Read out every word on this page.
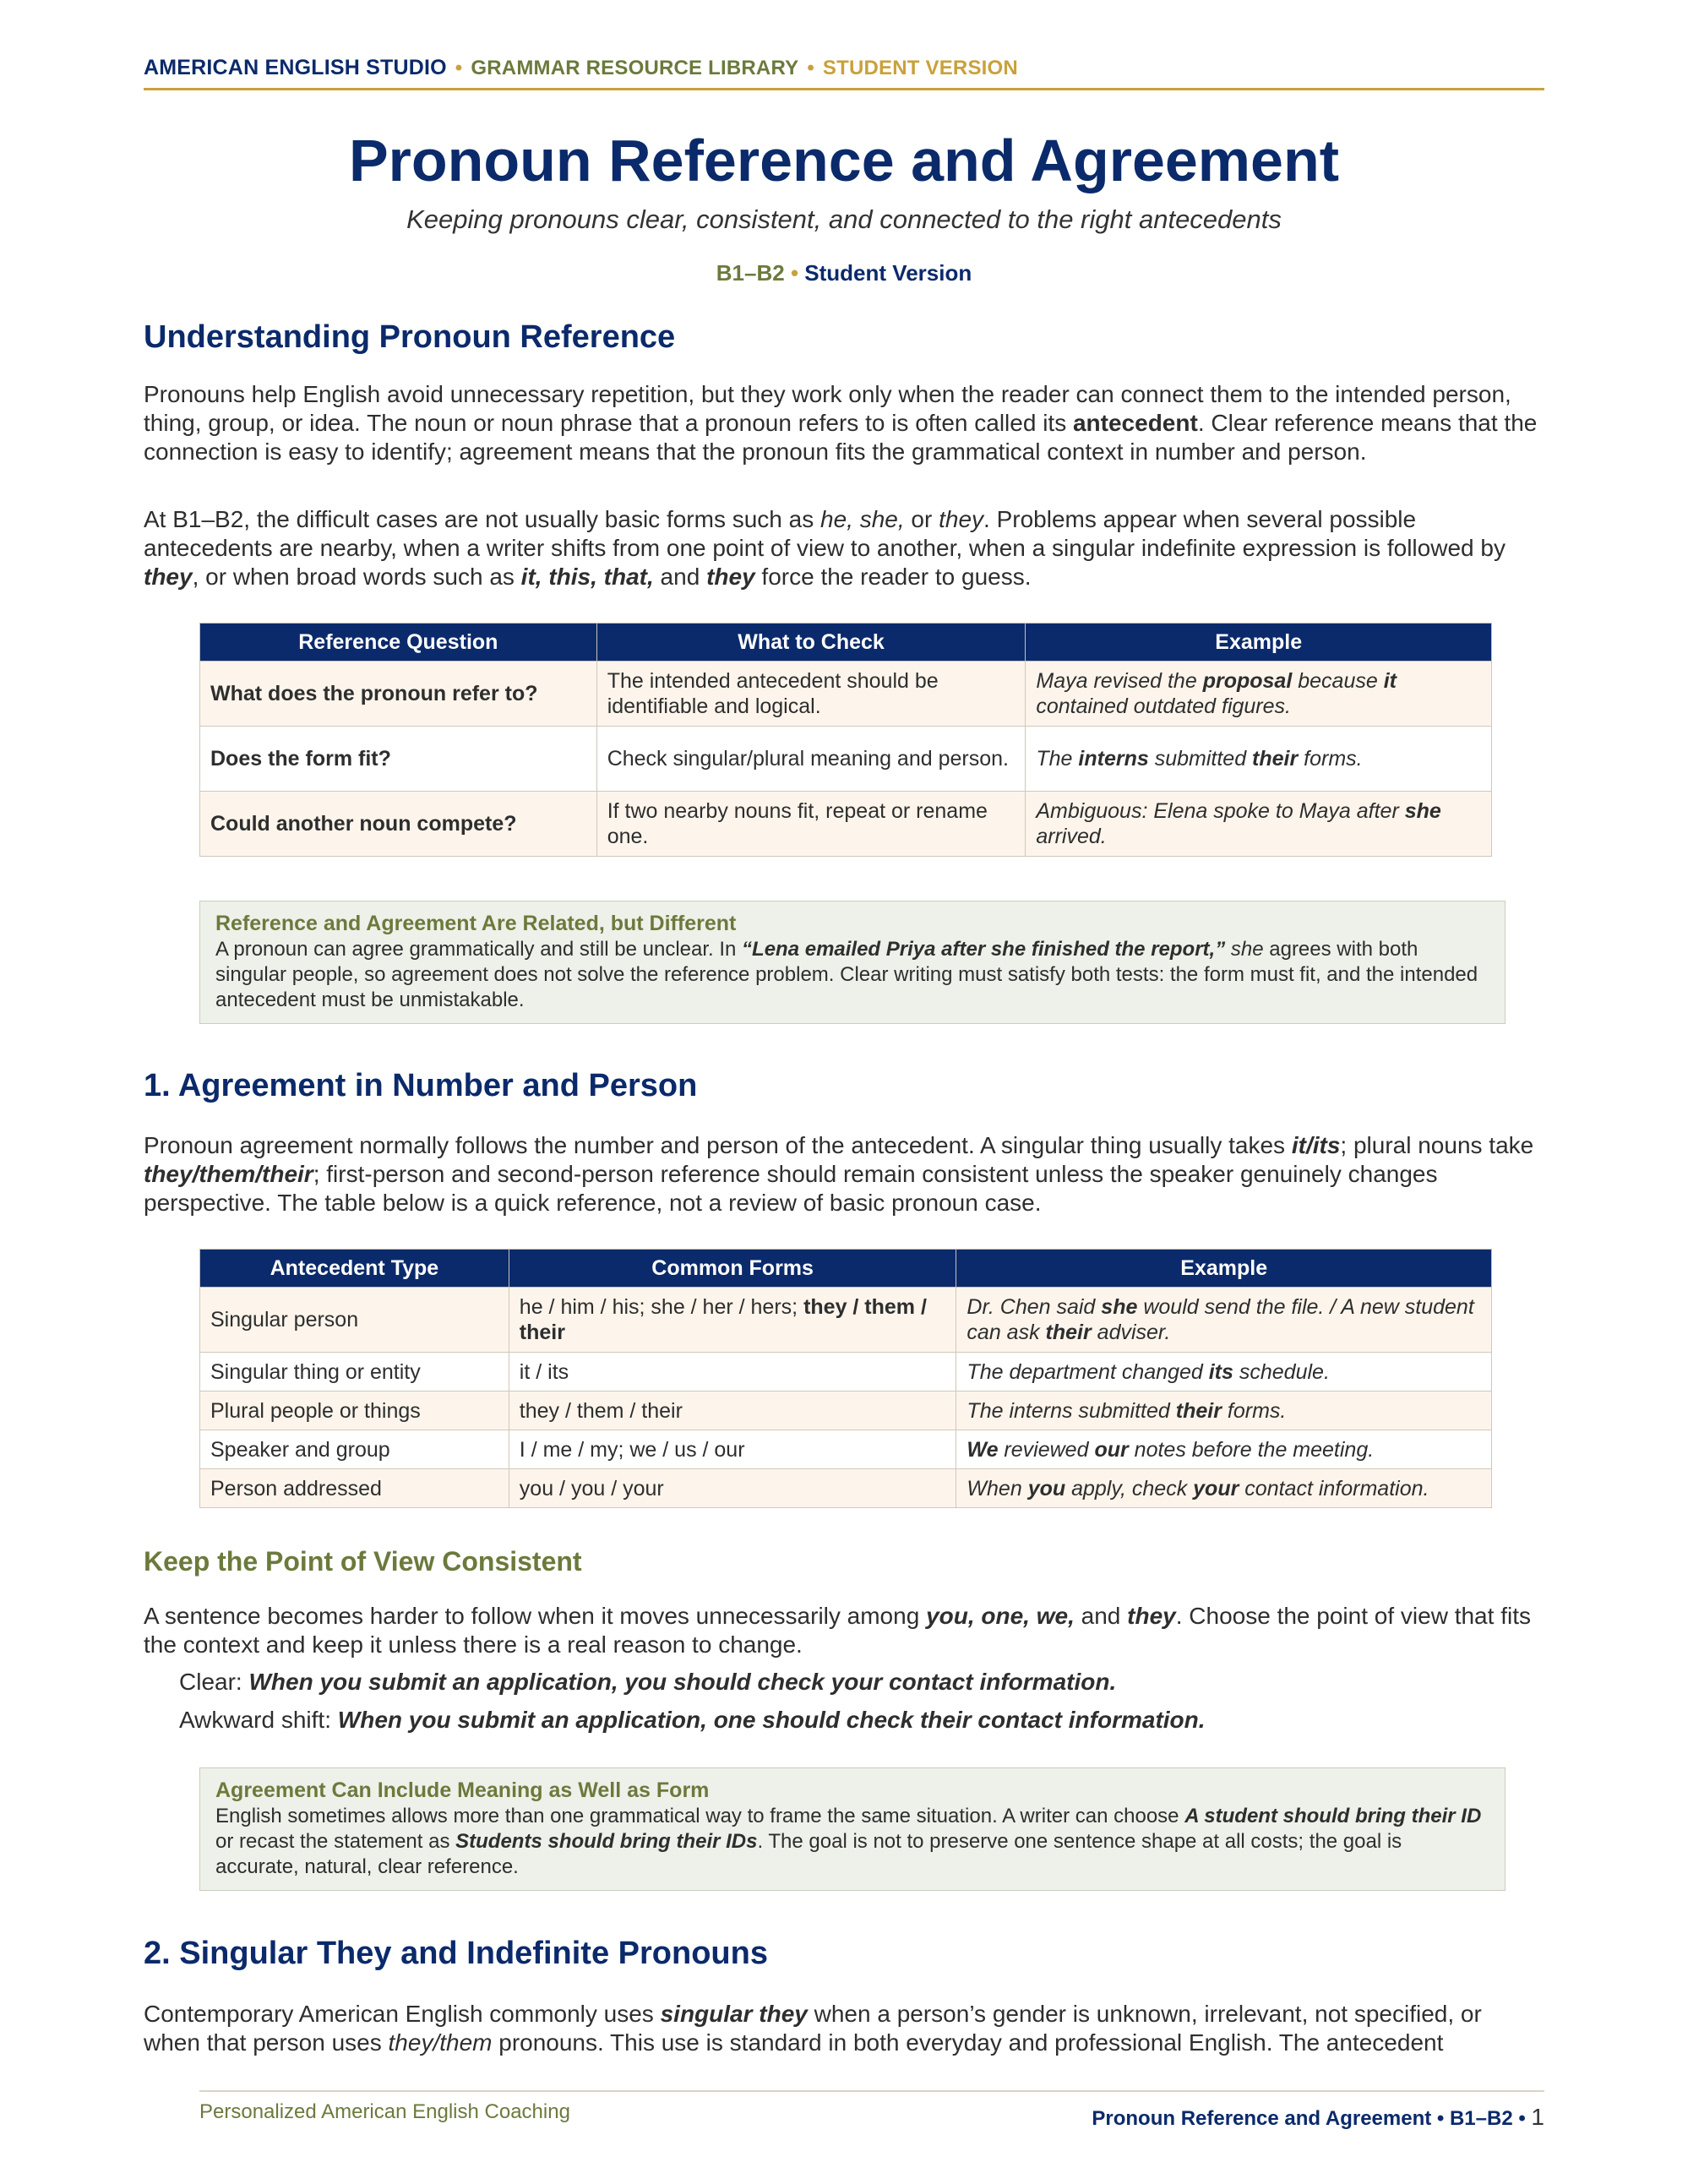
AMERICAN ENGLISH STUDIO • GRAMMAR RESOURCE LIBRARY • STUDENT VERSION
Pronoun Reference and Agreement
Keeping pronouns clear, consistent, and connected to the right antecedents
B1–B2 • Student Version
Understanding Pronoun Reference

Pronouns help English avoid unnecessary repetition, but they work only when the reader can connect them to the intended person, thing, group, or idea. The noun or noun phrase that a pronoun refers to is often called its antecedent. Clear reference means that the connection is easy to identify; agreement means that the pronoun fits the grammatical context in number and person.

At B1–B2, the difficult cases are not usually basic forms such as he, she, or they. Problems appear when several possible antecedents are nearby, when a writer shifts from one point of view to another, when a singular indefinite expression is followed by they, or when broad words such as it, this, that, and they force the reader to guess.

Reference Question	What to Check	Example
What does the pronoun refer to?	The intended antecedent should be identifiable and logical.	Maya revised the proposal because it contained outdated figures.
Does the form fit?	Check singular/plural meaning and person.	The interns submitted their forms.
Could another noun compete?	If two nearby nouns fit, repeat or rename one.	Ambiguous: Elena spoke to Maya after she arrived.
Reference and Agreement Are Related, but Different
A pronoun can agree grammatically and still be unclear. In “Lena emailed Priya after she finished the report,” she agrees with both singular people, so agreement does not solve the reference problem. Clear writing must satisfy both tests: the form must fit, and the intended antecedent must be unmistakable.
1. Agreement in Number and Person

Pronoun agreement normally follows the number and person of the antecedent. A singular thing usually takes it/its; plural nouns take they/them/their; first-person and second-person reference should remain consistent unless the speaker genuinely changes perspective. The table below is a quick reference, not a review of basic pronoun case.

Antecedent Type	Common Forms	Example
Singular person	he / him / his; she / her / hers; they / them / their	Dr. Chen said she would send the file. / A new student can ask their adviser.
Singular thing or entity	it / its	The department changed its schedule.
Plural people or things	they / them / their	The interns submitted their forms.
Speaker and group	I / me / my; we / us / our	We reviewed our notes before the meeting.
Person addressed	you / you / your	When you apply, check your contact information.
Keep the Point of View Consistent

A sentence becomes harder to follow when it moves unnecessarily among you, one, we, and they. Choose the point of view that fits the context and keep it unless there is a real reason to change.

Clear: When you submit an application, you should check your contact information.

Awkward shift: When you submit an application, one should check their contact information.

Agreement Can Include Meaning as Well as Form
English sometimes allows more than one grammatical way to frame the same situation. A writer can choose A student should bring their ID or recast the statement as Students should bring their IDs. The goal is not to preserve one sentence shape at all costs; the goal is accurate, natural, clear reference.
2. Singular They and Indefinite Pronouns

Contemporary American English commonly uses singular they when a person’s gender is unknown, irrelevant, not specified, or when that person uses they/them pronouns. This use is standard in both everyday and professional English. The antecedent

Personalized American English Coaching	Pronoun Reference and Agreement • B1–B2 • 1
